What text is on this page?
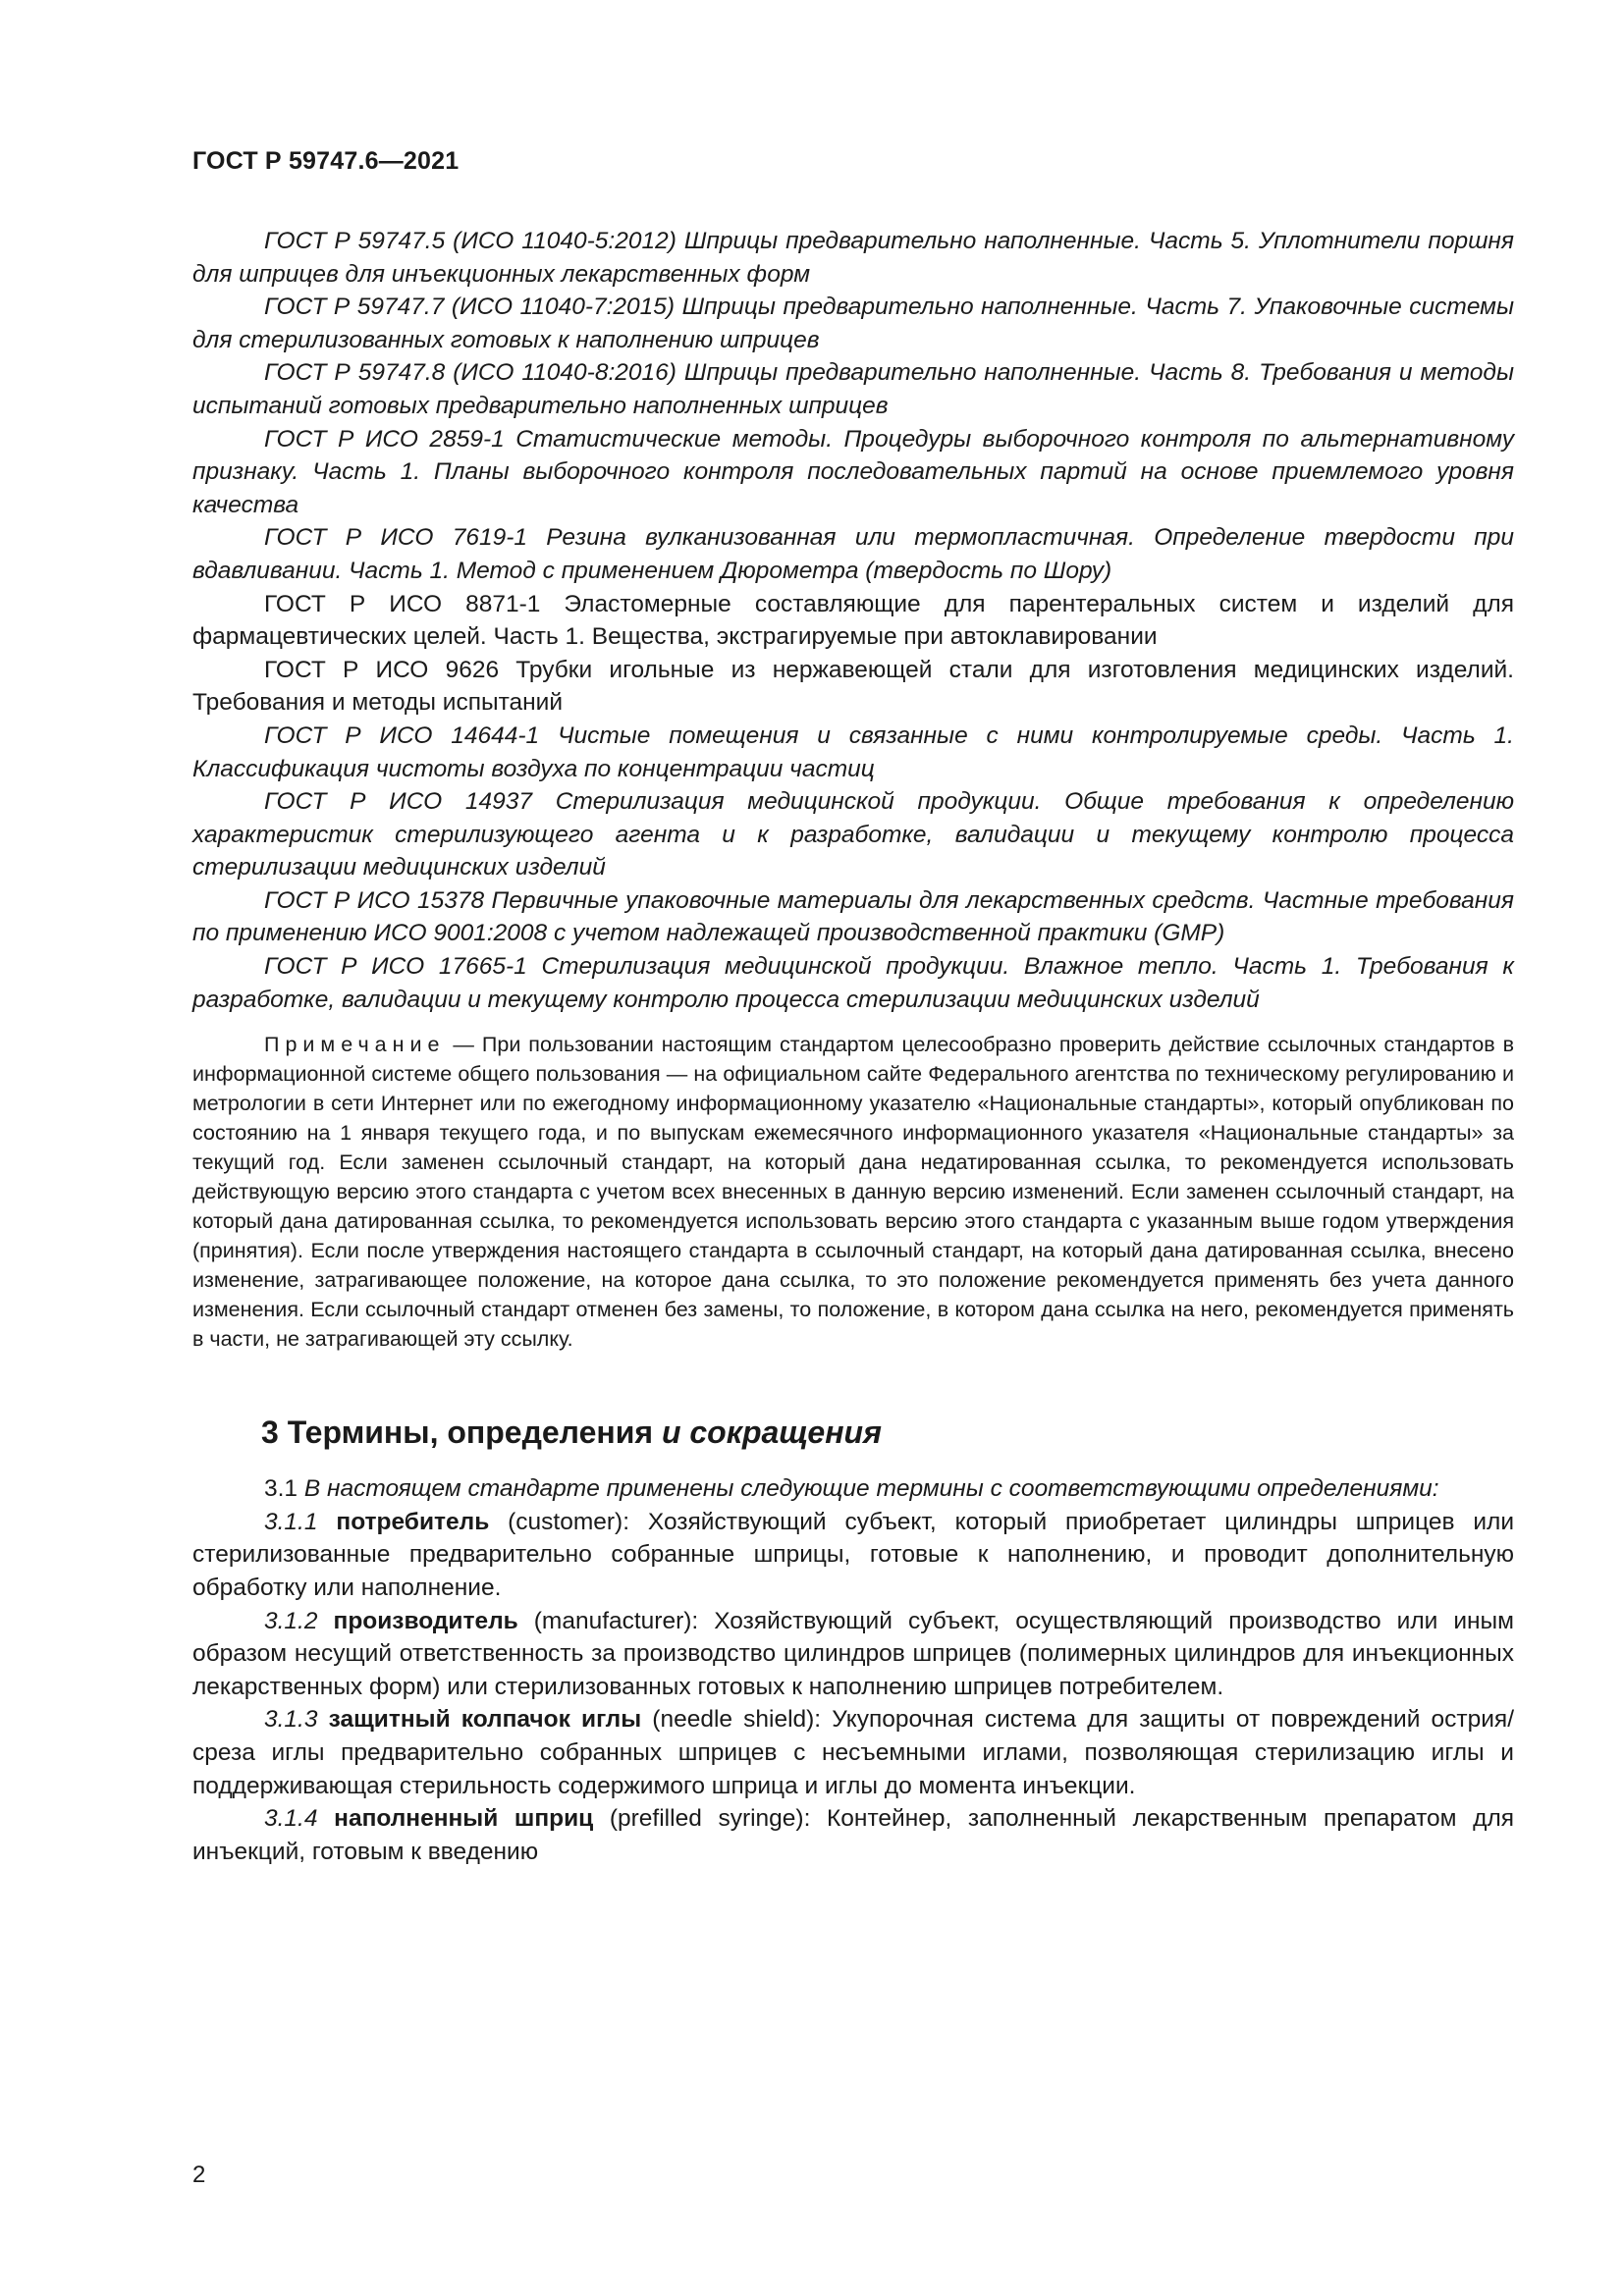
ГОСТ Р 59747.6—2021

ГОСТ Р 59747.5 (ИСО 11040-5:2012) Шприцы предварительно наполненные. Часть 5. Уплотнители поршня для шприцев для инъекционных лекарственных форм

ГОСТ Р 59747.7 (ИСО 11040-7:2015) Шприцы предварительно наполненные. Часть 7. Упаковочные системы для стерилизованных готовых к наполнению шприцев

ГОСТ Р 59747.8 (ИСО 11040-8:2016) Шприцы предварительно наполненные. Часть 8. Требования и методы испытаний готовых предварительно наполненных шприцев

ГОСТ Р ИСО 2859-1 Статистические методы. Процедуры выборочного контроля по альтернативному признаку. Часть 1. Планы выборочного контроля последовательных партий на основе приемлемого уровня качества

ГОСТ Р ИСО 7619-1 Резина вулканизованная или термопластичная. Определение твердости при вдавливании. Часть 1. Метод с применением Дюрометра (твердость по Шору)

ГОСТ Р ИСО 8871-1 Эластомерные составляющие для парентеральных систем и изделий для фармацевтических целей. Часть 1. Вещества, экстрагируемые при автоклавировании

ГОСТ Р ИСО 9626 Трубки игольные из нержавеющей стали для изготовления медицинских изделий. Требования и методы испытаний

ГОСТ Р ИСО 14644-1 Чистые помещения и связанные с ними контролируемые среды. Часть 1. Классификация чистоты воздуха по концентрации частиц

ГОСТ Р ИСО 14937 Стерилизация медицинской продукции. Общие требования к определению характеристик стерилизующего агента и к разработке, валидации и текущему контролю процесса стерилизации медицинских изделий

ГОСТ Р ИСО 15378 Первичные упаковочные материалы для лекарственных средств. Частные требования по применению ИСО 9001:2008 с учетом надлежащей производственной практики (GMP)

ГОСТ Р ИСО 17665-1 Стерилизация медицинской продукции. Влажное тепло. Часть 1. Требования к разработке, валидации и текущему контролю процесса стерилизации медицинских изделий

Примечание — При пользовании настоящим стандартом целесообразно проверить действие ссылочных стандартов в информационной системе общего пользования — на официальном сайте Федерального агентства по техническому регулированию и метрологии в сети Интернет или по ежегодному информационному указателю «Национальные стандарты», который опубликован по состоянию на 1 января текущего года, и по выпускам ежемесячного информационного указателя «Национальные стандарты» за текущий год. Если заменен ссылочный стандарт, на который дана недатированная ссылка, то рекомендуется использовать действующую версию этого стандарта с учетом всех внесенных в данную версию изменений. Если заменен ссылочный стандарт, на который дана датированная ссылка, то рекомендуется использовать версию этого стандарта с указанным выше годом утверждения (принятия). Если после утверждения настоящего стандарта в ссылочный стандарт, на который дана датированная ссылка, внесено изменение, затрагивающее положение, на которое дана ссылка, то это положение рекомендуется применять без учета данного изменения. Если ссылочный стандарт отменен без замены, то положение, в котором дана ссылка на него, рекомендуется применять в части, не затрагивающей эту ссылку.

3 Термины, определения и сокращения

3.1 В настоящем стандарте применены следующие термины с соответствующими определениями:

3.1.1 потребитель (customer): Хозяйствующий субъект, который приобретает цилиндры шприцев или стерилизованные предварительно собранные шприцы, готовые к наполнению, и проводит дополнительную обработку или наполнение.

3.1.2 производитель (manufacturer): Хозяйствующий субъект, осуществляющий производство или иным образом несущий ответственность за производство цилиндров шприцев (полимерных цилиндров для инъекционных лекарственных форм) или стерилизованных готовых к наполнению шприцев потребителем.

3.1.3 защитный колпачок иглы (needle shield): Укупорочная система для защиты от повреждений острия/среза иглы предварительно собранных шприцев с несъемными иглами, позволяющая стерилизацию иглы и поддерживающая стерильность содержимого шприца и иглы до момента инъекции.

3.1.4 наполненный шприц (prefilled syringe): Контейнер, заполненный лекарственным препаратом для инъекций, готовым к введению

2
